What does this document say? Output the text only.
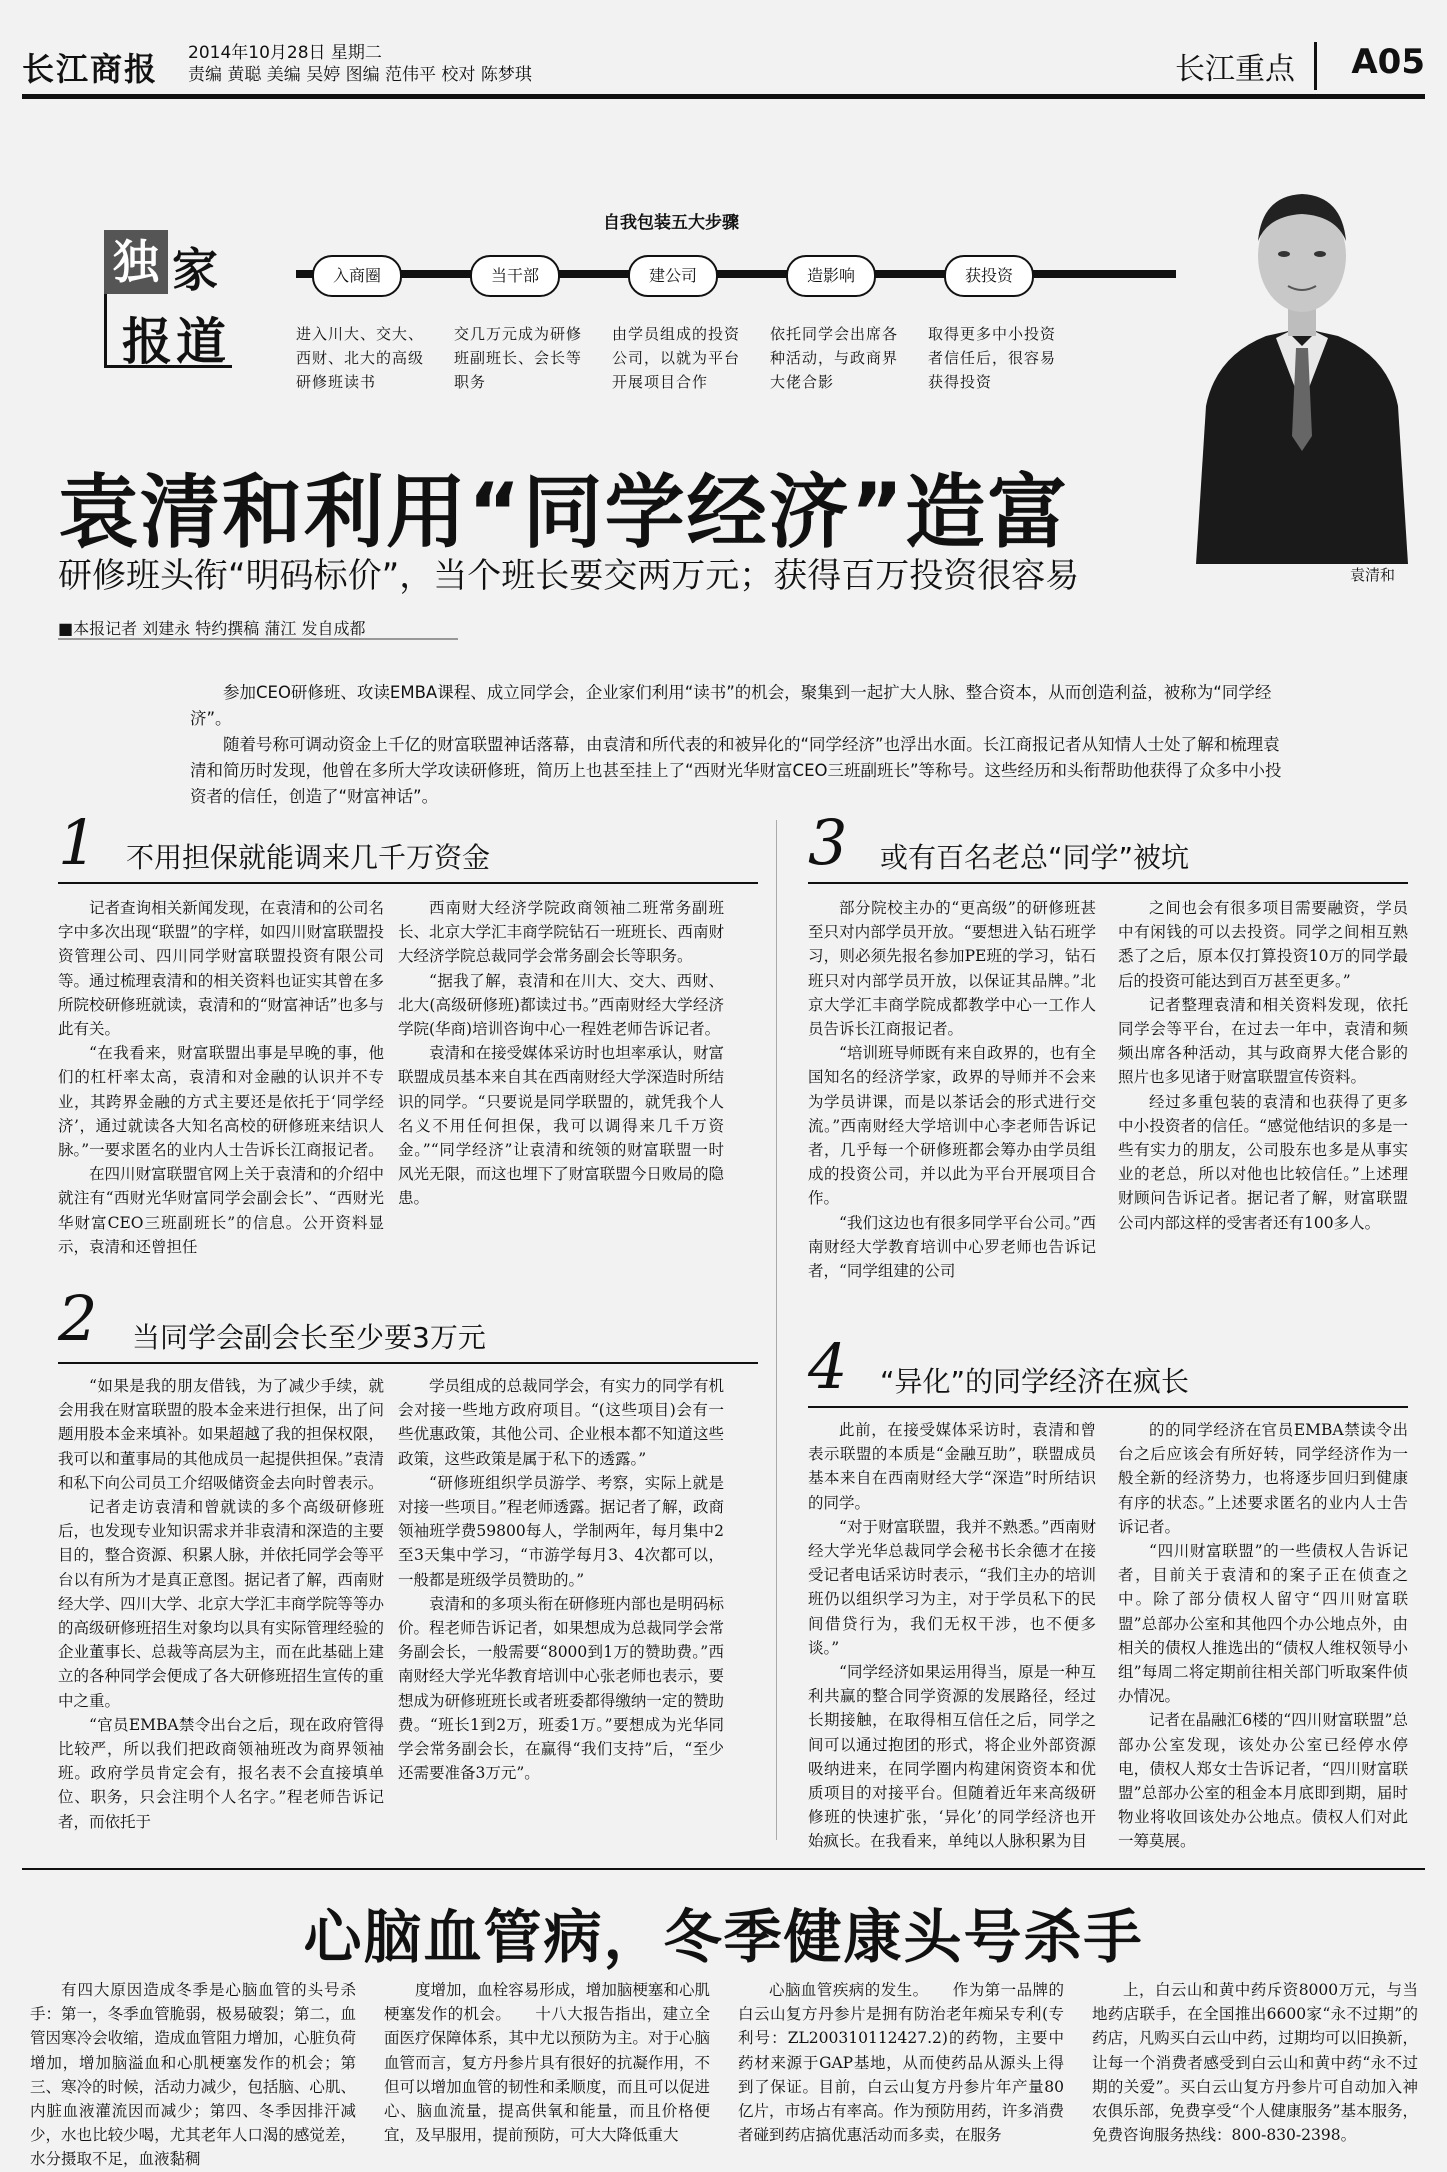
长江商报 2014年10月28日 星期二
责编 黄聪 美编 吴婷 图编 范伟平 校对 陈梦琪	长江重点 A05
独 家
报道
自我包装五大步骤
入商圈	当干部	建公司	造影响	获投资
进入川大、交大、西财、北大的高级研修班读书
交几万元成为研修班副班长、会长等职务
由学员组成的投资公司，以就为平台开展项目合作
依托同学会出席各种活动，与政商界大佬合影
取得更多中小投资者信任后，很容易获得投资
袁清和
袁清和利用“同学经济”造富
研修班头衔“明码标价”，当个班长要交两万元；获得百万投资很容易
■本报记者 刘建永 特约撰稿 蒲江 发自成都

参加CEO研修班、攻读EMBA课程、成立同学会，企业家们利用“读书”的机会，聚集到一起扩大人脉、整合资本，从而创造利益，被称为“同学经济”。

随着号称可调动资金上千亿的财富联盟神话落幕，由袁清和所代表的和被异化的“同学经济”也浮出水面。长江商报记者从知情人士处了解和梳理袁清和简历时发现，他曾在多所大学攻读研修班，简历上也甚至挂上了“西财光华财富CEO三班副班长”等称号。这些经历和头衔帮助他获得了众多中小投资者的信任，创造了“财富神话”。

1 不用担保就能调来几千万资金

记者查询相关新闻发现，在袁清和的公司名字中多次出现“联盟”的字样，如四川财富联盟投资管理公司、四川同学财富联盟投资有限公司等。通过梳理袁清和的相关资料也证实其曾在多所院校研修班就读，袁清和的“财富神话”也多与此有关。

“在我看来，财富联盟出事是早晚的事，他们的杠杆率太高，袁清和对金融的认识并不专业，其跨界金融的方式主要还是依托于‘同学经济’，通过就读各大知名高校的研修班来结识人脉。”一要求匿名的业内人士告诉长江商报记者。

在四川财富联盟官网上关于袁清和的介绍中就注有“西财光华财富同学会副会长”、“西财光华财富CEO三班副班长”的信息。公开资料显示，袁清和还曾担任

西南财大经济学院政商领袖二班常务副班长、北京大学汇丰商学院钻石一班班长、西南财大经济学院总裁同学会常务副会长等职务。

“据我了解，袁清和在川大、交大、西财、北大(高级研修班)都读过书。”西南财经大学经济学院(华商)培训咨询中心一程姓老师告诉记者。

袁清和在接受媒体采访时也坦率承认，财富联盟成员基本来自其在西南财经大学深造时所结识的同学。“只要说是同学联盟的，就凭我个人名义不用任何担保，我可以调得来几千万资金。”“同学经济”让袁清和统领的财富联盟一时风光无限，而这也埋下了财富联盟今日败局的隐患。

2 当同学会副会长至少要3万元

“如果是我的朋友借钱，为了减少手续，就会用我在财富联盟的股本金来进行担保，出了问题用股本金来填补。如果超越了我的担保权限，我可以和董事局的其他成员一起提供担保。”袁清和私下向公司员工介绍吸储资金去向时曾表示。

记者走访袁清和曾就读的多个高级研修班后，也发现专业知识需求并非袁清和深造的主要目的，整合资源、积累人脉，并依托同学会等平台以有所为才是真正意图。据记者了解，西南财经大学、四川大学、北京大学汇丰商学院等等办的高级研修班招生对象均以具有实际管理经验的企业董事长、总裁等高层为主，而在此基础上建立的各种同学会便成了各大研修班招生宣传的重中之重。

“官员EMBA禁令出台之后，现在政府管得比较严，所以我们把政商领袖班改为商界领袖班。政府学员肯定会有，报名表不会直接填单位、职务，只会注明个人名字。”程老师告诉记者，而依托于

学员组成的总裁同学会，有实力的同学有机会对接一些地方政府项目。“(这些项目)会有一些优惠政策，其他公司、企业根本都不知道这些政策，这些政策是属于私下的透露。”

“研修班组织学员游学、考察，实际上就是对接一些项目。”程老师透露。据记者了解，政商领袖班学费59800每人，学制两年，每月集中2至3天集中学习，“市游学每月3、4次都可以，一般都是班级学员赞助的。”

袁清和的多项头衔在研修班内部也是明码标价。程老师告诉记者，如果想成为总裁同学会常务副会长，一般需要“8000到1万的赞助费。”西南财经大学光华教育培训中心张老师也表示，要想成为研修班班长或者班委都得缴纳一定的赞助费。“班长1到2万，班委1万。”要想成为光华同学会常务副会长，在赢得“我们支持”后，“至少还需要准备3万元”。

3 或有百名老总“同学”被坑

部分院校主办的“更高级”的研修班甚至只对内部学员开放。“要想进入钻石班学习，则必须先报名参加PE班的学习，钻石班只对内部学员开放，以保证其品牌。”北京大学汇丰商学院成都教学中心一工作人员告诉长江商报记者。

“培训班导师既有来自政界的，也有全国知名的经济学家，政界的导师并不会来为学员讲课，而是以茶话会的形式进行交流。”西南财经大学培训中心李老师告诉记者，几乎每一个研修班都会筹办由学员组成的投资公司，并以此为平台开展项目合作。

“我们这边也有很多同学平台公司。”西南财经大学教育培训中心罗老师也告诉记者，“同学组建的公司

之间也会有很多项目需要融资，学员中有闲钱的可以去投资。同学之间相互熟悉了之后，原本仅打算投资10万的同学最后的投资可能达到百万甚至更多。”

记者整理袁清和相关资料发现，依托同学会等平台，在过去一年中，袁清和频频出席各种活动，其与政商界大佬合影的照片也多见诸于财富联盟宣传资料。

经过多重包装的袁清和也获得了更多中小投资者的信任。“感觉他结识的多是一些有实力的朋友，公司股东也多是从事实业的老总，所以对他也比较信任。”上述理财顾问告诉记者。据记者了解，财富联盟公司内部这样的受害者还有100多人。

4 “异化”的同学经济在疯长

此前，在接受媒体采访时，袁清和曾表示联盟的本质是“金融互助”，联盟成员基本来自在西南财经大学“深造”时所结识的同学。

“对于财富联盟，我并不熟悉。”西南财经大学光华总裁同学会秘书长余德才在接受记者电话采访时表示，“我们主办的培训班仍以组织学习为主，对于学员私下的民间借贷行为，我们无权干涉，也不便多谈。”

“同学经济如果运用得当，原是一种互利共赢的整合同学资源的发展路径，经过长期接触，在取得相互信任之后，同学之间可以通过抱团的形式，将企业外部资源吸纳进来，在同学圈内构建闲资资本和优质项目的对接平台。但随着近年来高级研修班的快速扩张，‘异化’的同学经济也开始疯长。在我看来，单纯以人脉积累为目

的的同学经济在官员EMBA禁读令出台之后应该会有所好转，同学经济作为一般全新的经济势力，也将逐步回归到健康有序的状态。”上述要求匿名的业内人士告诉记者。

“四川财富联盟”的一些债权人告诉记者，目前关于袁清和的案子正在侦查之中。除了部分债权人留守“四川财富联盟”总部办公室和其他四个办公地点外，由相关的债权人推选出的“债权人维权领导小组”每周二将定期前往相关部门听取案件侦办情况。

记者在晶融汇6楼的“四川财富联盟”总部办公室发现，该处办公室已经停水停电，债权人郑女士告诉记者，“四川财富联盟”总部办公室的租金本月底即到期，届时物业将收回该处办公地点。债权人们对此一筹莫展。

心脑血管病，冬季健康头号杀手

有四大原因造成冬季是心脑血管的头号杀手：第一，冬季血管脆弱，极易破裂；第二，血管因寒冷会收缩，造成血管阻力增加，心脏负荷增加，增加脑溢血和心肌梗塞发作的机会；第三、寒冷的时候，活动力减少，包括脑、心肌、内脏血液灌流因而减少；第四、冬季因排汗减少，水也比较少喝，尤其老年人口渴的感觉差，水分摄取不足，血液黏稠

度增加，血栓容易形成，增加脑梗塞和心肌梗塞发作的机会。　　十八大报告指出，建立全面医疗保障体系，其中尤以预防为主。对于心脑血管而言，复方丹参片具有很好的抗凝作用，不但可以增加血管的韧性和柔顺度，而且可以促进心、脑血流量，提高供氧和能量，而且价格便宜，及早服用，提前预防，可大大降低重大

心脑血管疾病的发生。　　作为第一品牌的白云山复方丹参片是拥有防治老年痴呆专利(专利号：ZL200310112427.2)的药物，主要中药材来源于GAP基地，从而使药品从源头上得到了保证。目前，白云山复方丹参片年产量80亿片，市场占有率高。作为预防用药，许多消费者碰到药店搞优惠活动而多卖，在服务

上，白云山和黄中药斥资8000万元，与当地药店联手，在全国推出6600家“永不过期”的药店，凡购买白云山中药，过期均可以旧换新，让每一个消费者感受到白云山和黄中药“永不过期的关爱”。买白云山复方丹参片可自动加入神农俱乐部，免费享受“个人健康服务”基本服务，免费咨询服务热线：800-830-2398。
